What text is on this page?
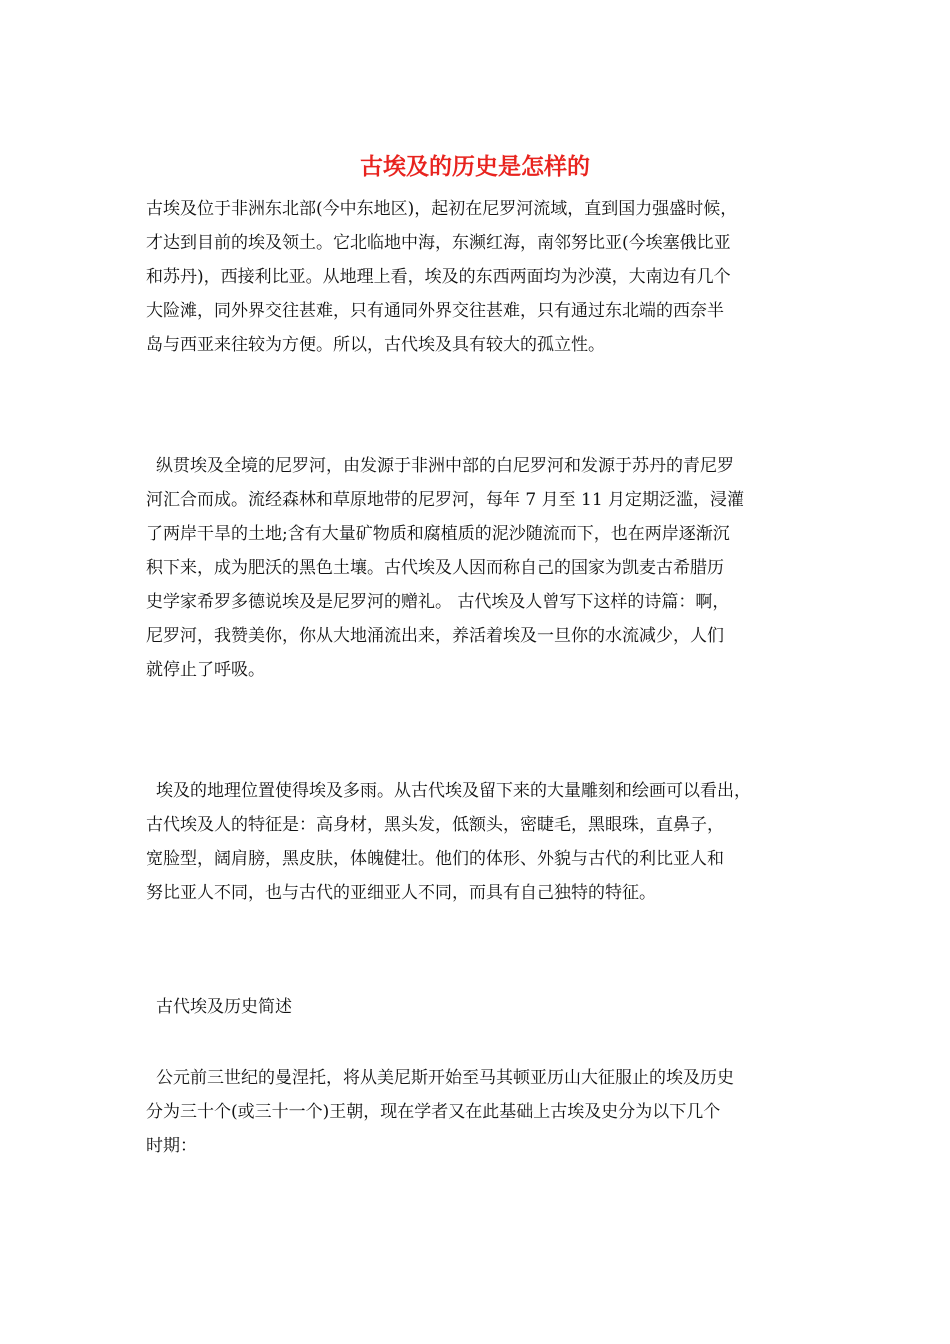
古埃及的历史是怎样的

古埃及位于非洲东北部(今中东地区)，起初在尼罗河流域，直到国力强盛时候，
才达到目前的埃及领土。它北临地中海，东濒红海，南邻努比亚(今埃塞俄比亚
和苏丹)，西接利比亚。从地理上看，埃及的东西两面均为沙漠，大南边有几个
大险滩，同外界交往甚难，只有通同外界交往甚难，只有通过东北端的西奈半
岛与西亚来往较为方便。所以，古代埃及具有较大的孤立性。

纵贯埃及全境的尼罗河，由发源于非洲中部的白尼罗河和发源于苏丹的青尼罗
河汇合而成。流经森林和草原地带的尼罗河，每年 7 月至 11 月定期泛滥，浸灌
了两岸干旱的土地;含有大量矿物质和腐植质的泥沙随流而下，也在两岸逐渐沉
积下来，成为肥沃的黑色土壤。古代埃及人因而称自己的国家为凯麦古希腊历
史学家希罗多德说埃及是尼罗河的赠礼。 古代埃及人曾写下这样的诗篇：啊，
尼罗河，我赞美你，你从大地涌流出来，养活着埃及一旦你的水流减少，人们
就停止了呼吸。

埃及的地理位置使得埃及多雨。从古代埃及留下来的大量雕刻和绘画可以看出，
古代埃及人的特征是：高身材，黑头发，低额头，密睫毛，黑眼珠，直鼻子，
宽脸型，阔肩膀，黑皮肤，体魄健壮。他们的体形、外貌与古代的利比亚人和
努比亚人不同，也与古代的亚细亚人不同，而具有自己独特的特征。

古代埃及历史简述

公元前三世纪的曼涅托，将从美尼斯开始至马其顿亚历山大征服止的埃及历史
分为三十个(或三十一个)王朝，现在学者又在此基础上古埃及史分为以下几个
时期：
